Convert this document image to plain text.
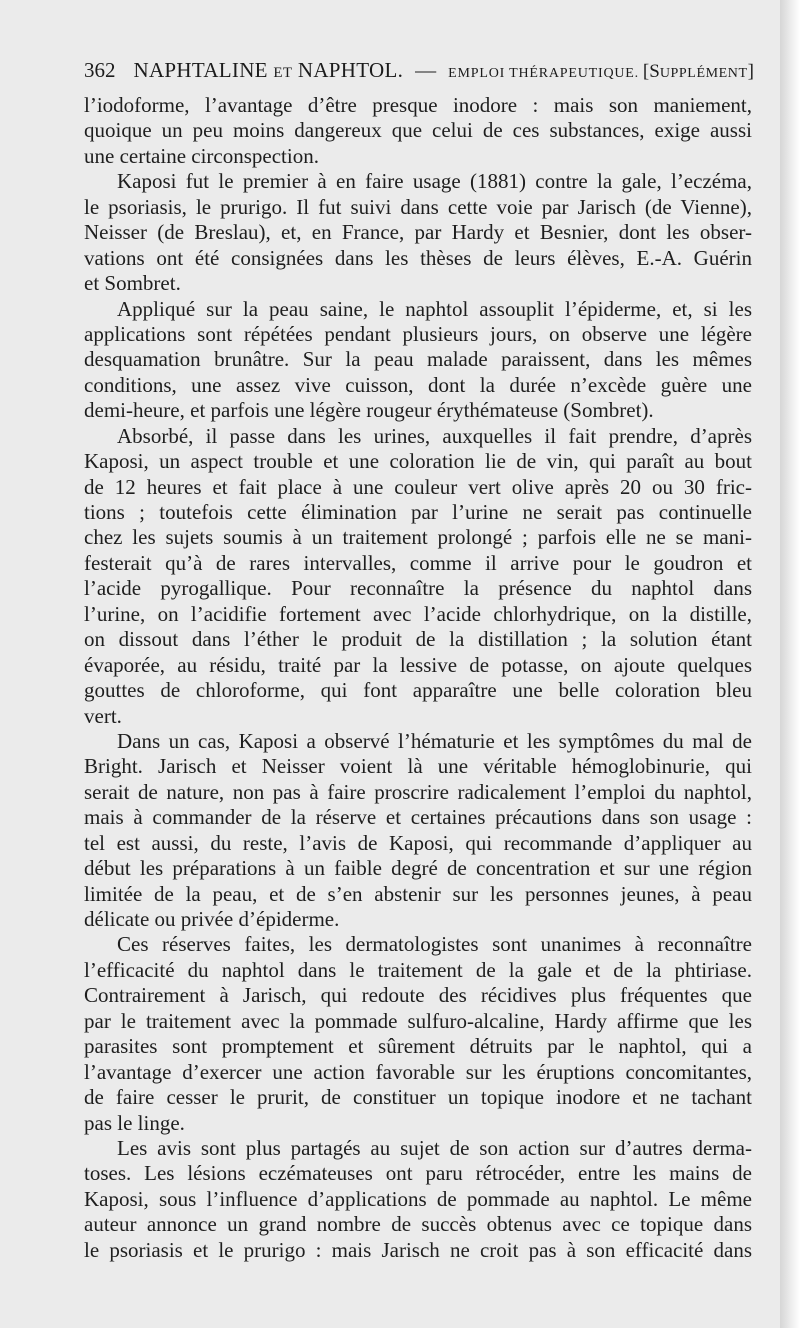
362 NAPHTALINE ET NAPHTOL. — EMPLOI THÉRAPEUTIQUE. [SUPPLÉMENT]
l’iodoforme, l’avantage d’être presque inodore : mais son maniement,
quoique un peu moins dangereux que celui de ces substances, exige aussi
une certaine circonspection.
Kaposi fut le premier à en faire usage (1881) contre la gale, l’eczéma,
le psoriasis, le prurigo. Il fut suivi dans cette voie par Jarisch (de Vienne),
Neisser (de Breslau), et, en France, par Hardy et Besnier, dont les obser-
vations ont été consignées dans les thèses de leurs élèves, E.-A. Guérin
et Sombret.
Appliqué sur la peau saine, le naphtol assouplit l’épiderme, et, si les
applications sont répétées pendant plusieurs jours, on observe une légère
desquamation brunâtre. Sur la peau malade paraissent, dans les mêmes
conditions, une assez vive cuisson, dont la durée n’excède guère une
demi-heure, et parfois une légère rougeur érythémateuse (Sombret).
Absorbé, il passe dans les urines, auxquelles il fait prendre, d’après
Kaposi, un aspect trouble et une coloration lie de vin, qui paraît au bout
de 12 heures et fait place à une couleur vert olive après 20 ou 30 fric-
tions ; toutefois cette élimination par l’urine ne serait pas continuelle
chez les sujets soumis à un traitement prolongé ; parfois elle ne se mani-
festerait qu’à de rares intervalles, comme il arrive pour le goudron et
l’acide pyrogallique. Pour reconnaître la présence du naphtol dans
l’urine, on l’acidifie fortement avec l’acide chlorhydrique, on la distille,
on dissout dans l’éther le produit de la distillation ; la solution étant
évaporée, au résidu, traité par la lessive de potasse, on ajoute quelques
gouttes de chloroforme, qui font apparaître une belle coloration bleu
vert.
Dans un cas, Kaposi a observé l’hématurie et les symptômes du mal de
Bright. Jarisch et Neisser voient là une véritable hémoglobinurie, qui
serait de nature, non pas à faire proscrire radicalement l’emploi du naphtol,
mais à commander de la réserve et certaines précautions dans son usage :
tel est aussi, du reste, l’avis de Kaposi, qui recommande d’appliquer au
début les préparations à un faible degré de concentration et sur une région
limitée de la peau, et de s’en abstenir sur les personnes jeunes, à peau
délicate ou privée d’épiderme.
Ces réserves faites, les dermatologistes sont unanimes à reconnaître
l’efficacité du naphtol dans le traitement de la gale et de la phtiriase.
Contrairement à Jarisch, qui redoute des récidives plus fréquentes que
par le traitement avec la pommade sulfuro-alcaline, Hardy affirme que les
parasites sont promptement et sûrement détruits par le naphtol, qui a
l’avantage d’exercer une action favorable sur les éruptions concomitantes,
de faire cesser le prurit, de constituer un topique inodore et ne tachant
pas le linge.
Les avis sont plus partagés au sujet de son action sur d’autres derma-
toses. Les lésions eczémateuses ont paru rétrocéder, entre les mains de
Kaposi, sous l’influence d’applications de pommade au naphtol. Le même
auteur annonce un grand nombre de succès obtenus avec ce topique dans
le psoriasis et le prurigo : mais Jarisch ne croit pas à son efficacité dans
